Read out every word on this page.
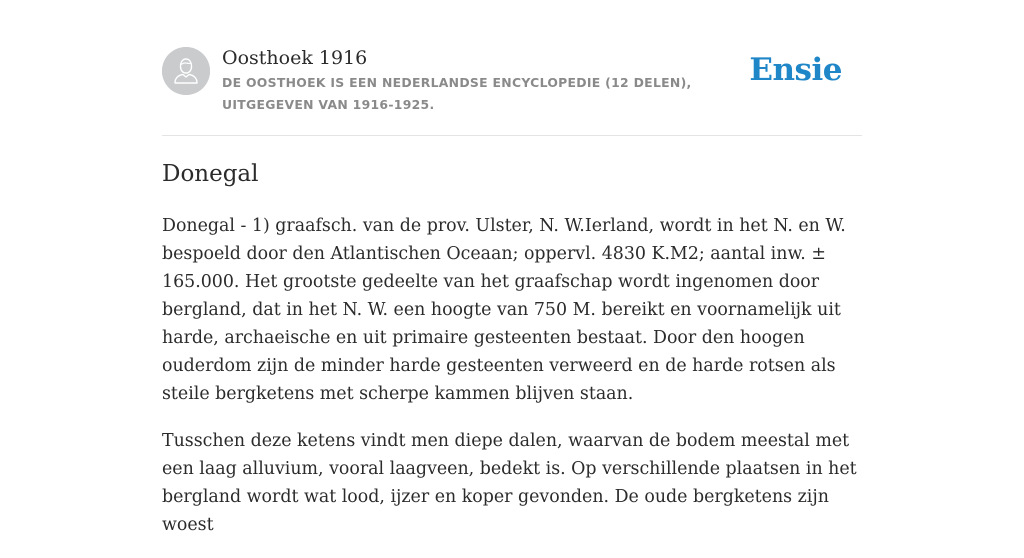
Oosthoek 1916
DE OOSTHOEK IS EEN NEDERLANDSE ENCYCLOPEDIE (12 DELEN), UITGEGEVEN VAN 1916-1925.
Ensie
Donegal

Donegal - 1) graafsch. van de prov. Ulster, N. W.Ierland, wordt in het N. en W. bespoeld door den Atlantischen Oceaan; oppervl. 4830 K.M2; aantal inw. ± 165.000. Het grootste gedeelte van het graafschap wordt ingenomen door bergland, dat in het N. W. een hoogte van 750 M. bereikt en voornamelijk uit harde, archaeische en uit primaire gesteenten bestaat. Door den hoogen ouderdom zijn de minder harde gesteenten verweerd en de harde rotsen als steile bergketens met scherpe kammen blijven staan.

Tusschen deze ketens vindt men diepe dalen, waarvan de bodem meestal met een laag alluvium, vooral laagveen, bedekt is. Op verschillende plaatsen in het bergland wordt wat lood, ijzer en koper gevonden. De oude bergketens zijn woest
